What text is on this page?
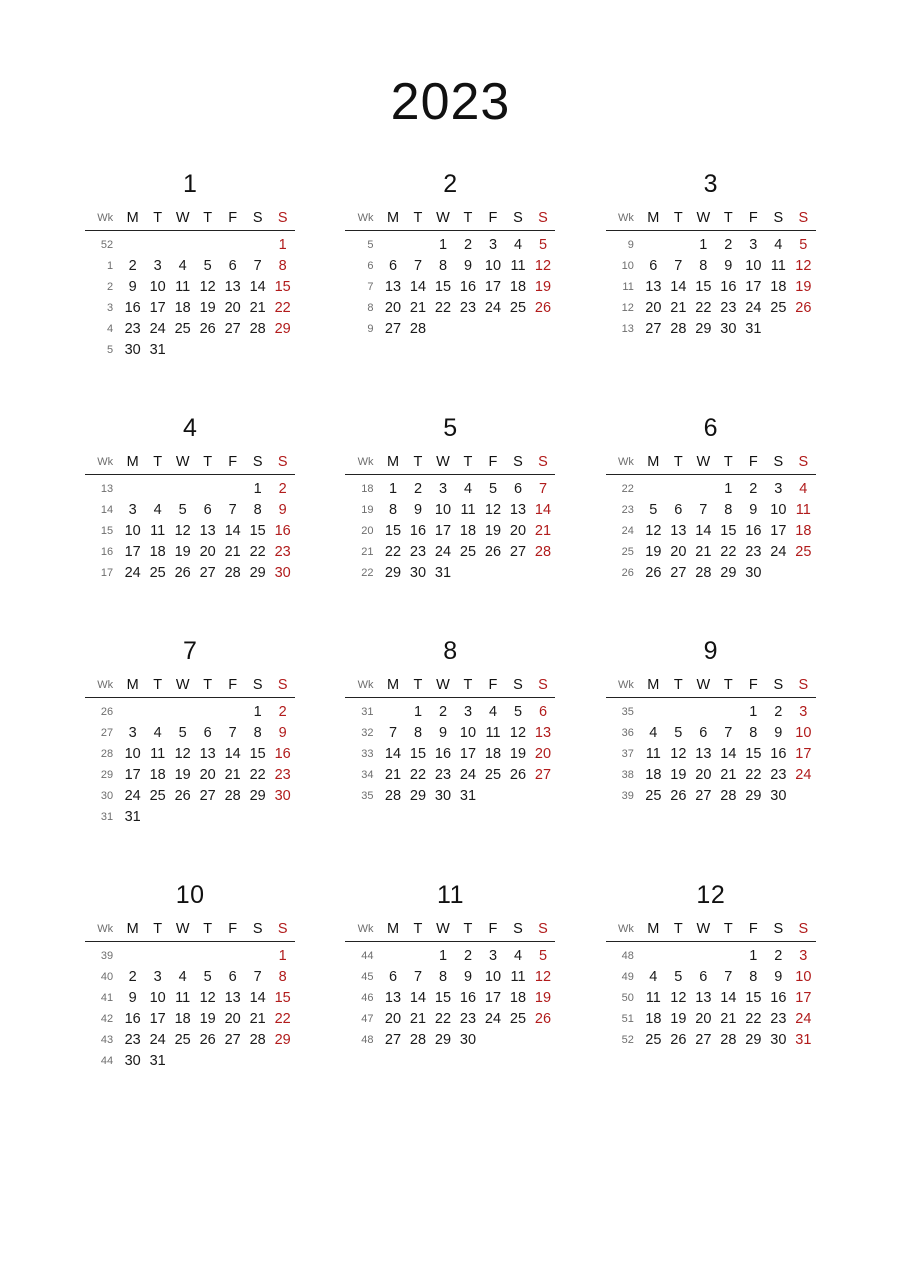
2023
1
Wk	M	T	W	T	F	S	S
52							1
1	2	3	4	5	6	7	8
2	9	10	11	12	13	14	15
3	16	17	18	19	20	21	22
4	23	24	25	26	27	28	29
5	30	31					
2
Wk	M	T	W	T	F	S	S
5			1	2	3	4	5
6	6	7	8	9	10	11	12
7	13	14	15	16	17	18	19
8	20	21	22	23	24	25	26
9	27	28					
3
Wk	M	T	W	T	F	S	S
9			1	2	3	4	5
10	6	7	8	9	10	11	12
11	13	14	15	16	17	18	19
12	20	21	22	23	24	25	26
13	27	28	29	30	31		
4
Wk	M	T	W	T	F	S	S
13						1	2
14	3	4	5	6	7	8	9
15	10	11	12	13	14	15	16
16	17	18	19	20	21	22	23
17	24	25	26	27	28	29	30
5
Wk	M	T	W	T	F	S	S
18	1	2	3	4	5	6	7
19	8	9	10	11	12	13	14
20	15	16	17	18	19	20	21
21	22	23	24	25	26	27	28
22	29	30	31				
6
Wk	M	T	W	T	F	S	S
22				1	2	3	4
23	5	6	7	8	9	10	11
24	12	13	14	15	16	17	18
25	19	20	21	22	23	24	25
26	26	27	28	29	30		
7
Wk	M	T	W	T	F	S	S
26						1	2
27	3	4	5	6	7	8	9
28	10	11	12	13	14	15	16
29	17	18	19	20	21	22	23
30	24	25	26	27	28	29	30
31	31						
8
Wk	M	T	W	T	F	S	S
31		1	2	3	4	5	6
32	7	8	9	10	11	12	13
33	14	15	16	17	18	19	20
34	21	22	23	24	25	26	27
35	28	29	30	31			
9
Wk	M	T	W	T	F	S	S
35					1	2	3
36	4	5	6	7	8	9	10
37	11	12	13	14	15	16	17
38	18	19	20	21	22	23	24
39	25	26	27	28	29	30	
10
Wk	M	T	W	T	F	S	S
39							1
40	2	3	4	5	6	7	8
41	9	10	11	12	13	14	15
42	16	17	18	19	20	21	22
43	23	24	25	26	27	28	29
44	30	31					
11
Wk	M	T	W	T	F	S	S
44			1	2	3	4	5
45	6	7	8	9	10	11	12
46	13	14	15	16	17	18	19
47	20	21	22	23	24	25	26
48	27	28	29	30			
12
Wk	M	T	W	T	F	S	S
48					1	2	3
49	4	5	6	7	8	9	10
50	11	12	13	14	15	16	17
51	18	19	20	21	22	23	24
52	25	26	27	28	29	30	31
